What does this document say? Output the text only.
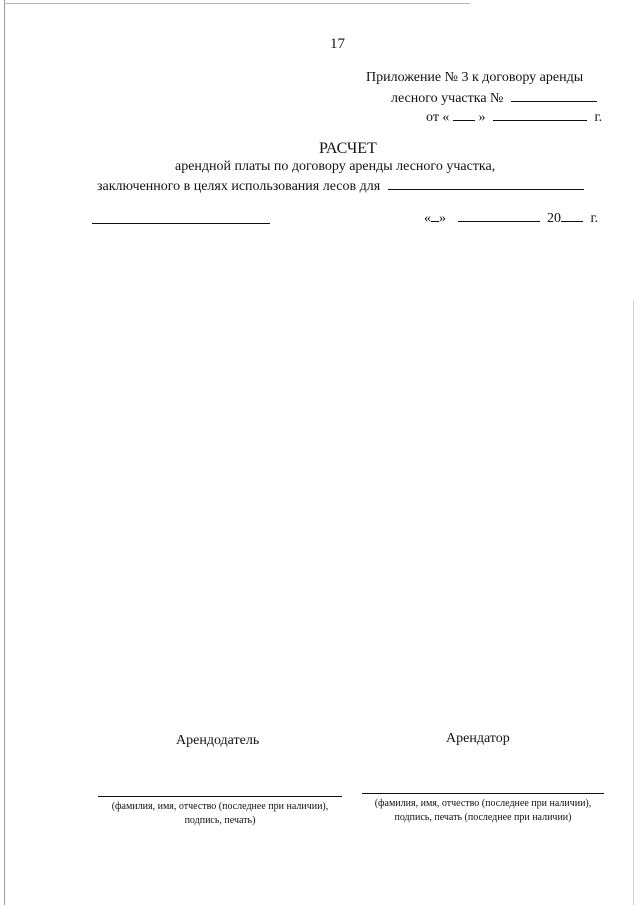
17
Приложение № 3 к договору аренды
лесного участка №
от « »	г.
РАСЧЕТ
арендной платы по договору аренды лесного участка,
заключенного в целях использования лесов для
« »	20 г.
Арендодатель	Арендатор
(фамилия, имя, отчество (последнее при наличии),
подпись, печать)
(фамилия, имя, отчество (последнее при наличии),
подпись, печать (последнее при наличии)
